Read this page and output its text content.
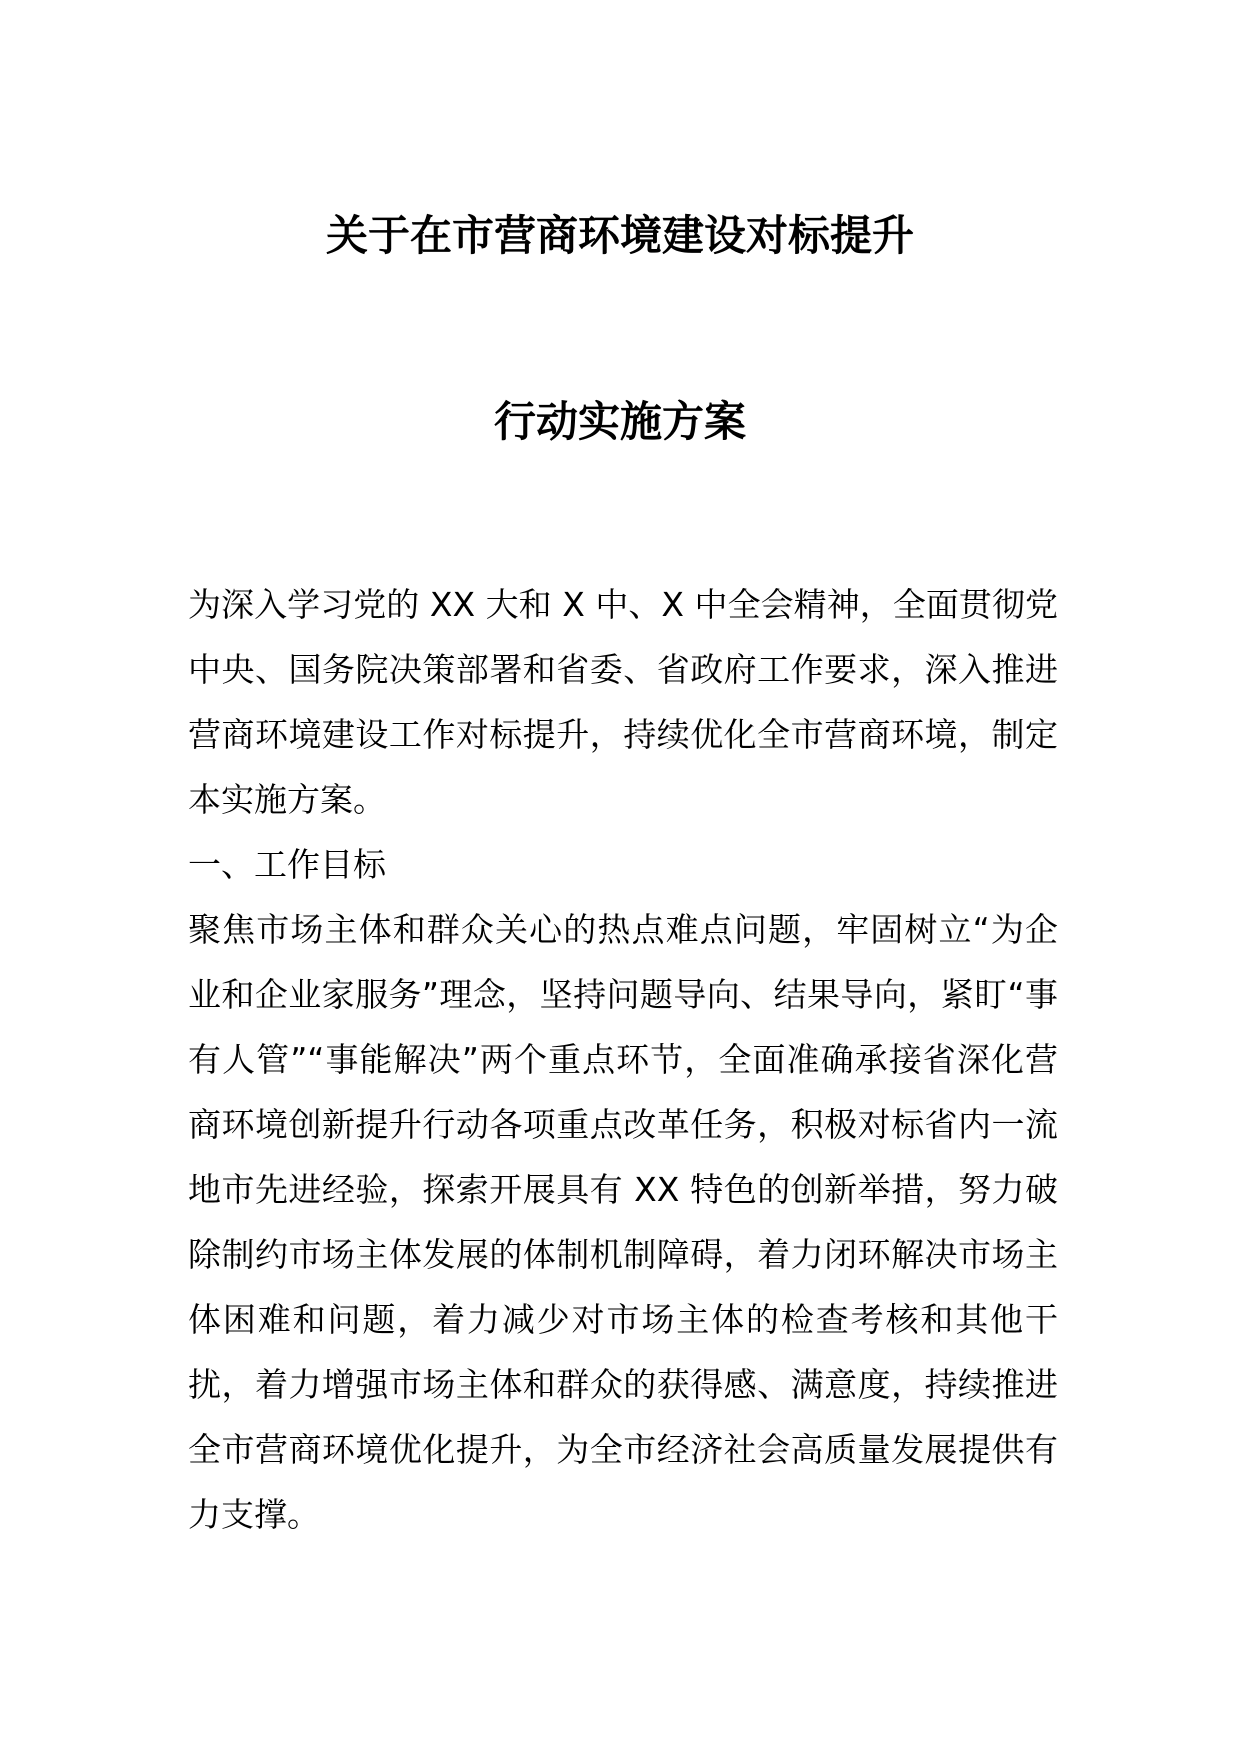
关于在市营商环境建设对标提升
行动实施方案

为深入学习党的 XX 大和 X 中、X 中全会精神，全面贯彻党中央、国务院决策部署和省委、省政府工作要求，深入推进营商环境建设工作对标提升，持续优化全市营商环境，制定本实施方案。

一、工作目标

聚焦市场主体和群众关心的热点难点问题，牢固树立“为企业和企业家服务”理念，坚持问题导向、结果导向，紧盯“事有人管”“事能解决”两个重点环节，全面准确承接省深化营商环境创新提升行动各项重点改革任务，积极对标省内一流地市先进经验，探索开展具有 XX 特色的创新举措，努力破除制约市场主体发展的体制机制障碍，着力闭环解决市场主体困难和问题，着力减少对市场主体的检查考核和其他干扰，着力增强市场主体和群众的获得感、满意度，持续推进全市营商环境优化提升，为全市经济社会高质量发展提供有力支撑。
